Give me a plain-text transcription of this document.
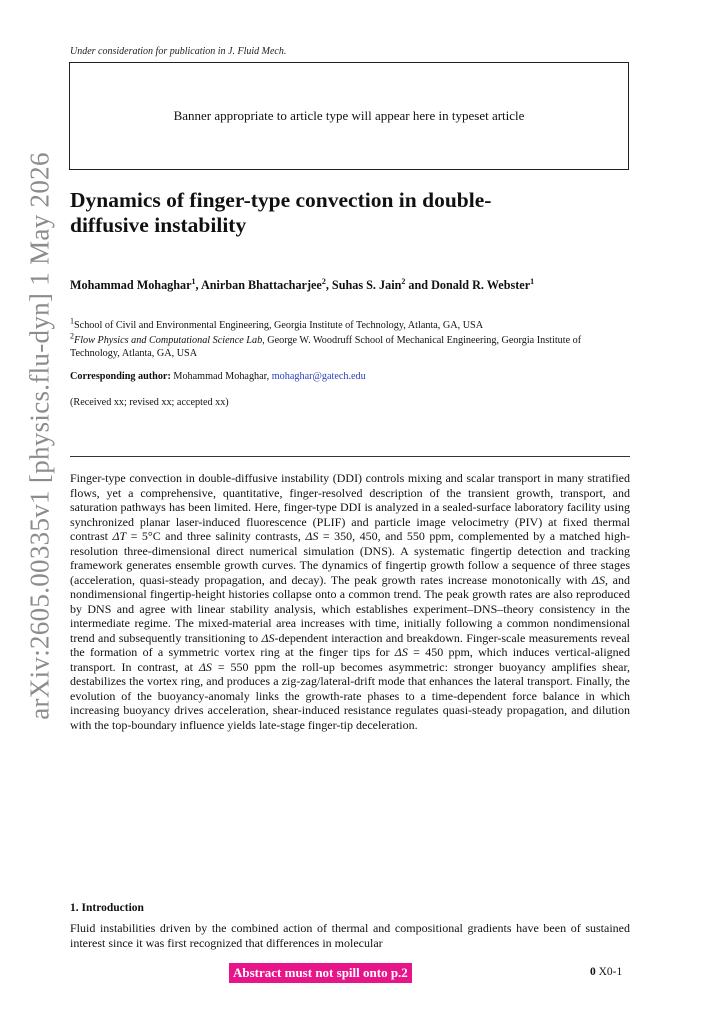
Under consideration for publication in J. Fluid Mech.
Banner appropriate to article type will appear here in typeset article
arXiv:2605.00335v1 [physics.flu-dyn] 1 May 2026 Dynamics of finger-type convection in double-diffusive instability
Mohammad Mohaghar$^1$, Anirban Bhattacharjee$^2$, Suhas S. Jain$^2$ and Donald R. Webster$^1$
$^1$School of Civil and Environmental Engineering, Georgia Institute of Technology, Atlanta, GA, USA
$^2$Flow Physics and Computational Science Lab, George W. Woodruff School of Mechanical Engineering, Georgia Institute of Technology, Atlanta, GA, USA
Corresponding author: Mohammad Mohaghar, mohaghar@gatech.edu
(Received xx; revised xx; accepted xx)

Finger-type convection in double-diffusive instability (DDI) controls mixing and scalar transport in many stratified flows, yet a comprehensive, quantitative, finger-resolved description of the transient growth, transport, and saturation pathways has been limited. Here, finger-type DDI is analyzed in a sealed-surface laboratory facility using synchronized planar laser-induced fluorescence (PLIF) and particle image velocimetry (PIV) at fixed thermal contrast ΔT = 5°C and three salinity contrasts, ΔS = 350, 450, and 550 ppm, complemented by a matched high-resolution three-dimensional direct numerical simulation (DNS). A systematic fingertip detection and tracking framework generates ensemble growth curves. The dynamics of fingertip growth follow a sequence of three stages (acceleration, quasi-steady propagation, and decay). The peak growth rates increase monotonically with ΔS, and nondimensional fingertip-height histories collapse onto a common trend. The peak growth rates are also reproduced by DNS and agree with linear stability analysis, which establishes experiment–DNS–theory consistency in the intermediate regime. The mixed-material area increases with time, initially following a common nondimensional trend and subsequently transitioning to ΔS-dependent interaction and breakdown. Finger-scale measurements reveal the formation of a symmetric vortex ring at the finger tips for ΔS = 450 ppm, which induces vertical-aligned transport. In contrast, at ΔS = 550 ppm the roll-up becomes asymmetric: stronger buoyancy amplifies shear, destabilizes the vortex ring, and produces a zig-zag/lateral-drift mode that enhances the lateral transport. Finally, the evolution of the buoyancy-anomaly links the growth-rate phases to a time-dependent force balance in which increasing buoyancy drives acceleration, shear-induced resistance regulates quasi-steady propagation, and dilution with the top-boundary influence yields late-stage finger-tip deceleration.

1. Introduction

Fluid instabilities driven by the combined action of thermal and compositional gradients have been of sustained interest since it was first recognized that differences in molecular

Abstract must not spill onto p.2	0 X0-1
